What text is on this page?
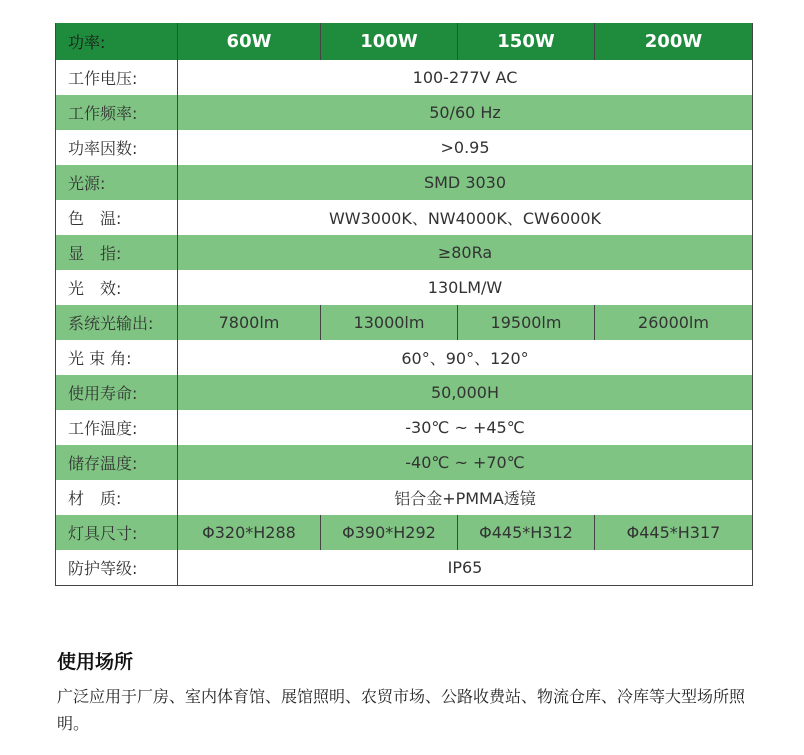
功率:	60W	100W	150W	200W
工作电压:	100-277V AC			
工作频率:	50/60 Hz			
功率因数:	>0.95			
光源:	SMD 3030			
色　温:	WW3000K、NW4000K、CW6000K			
显　指:	≥80Ra			
光　效:	130LM/W			
系统光输出:	7800lm	13000lm	19500lm	26000lm
光 束 角:	60°、90°、120°			
使用寿命:	50,000H			
工作温度:	-30℃ ~ +45℃			
储存温度:	-40℃ ~ +70℃			
材　质:	铝合金+PMMA透镜			
灯具尺寸:	Φ320*H288	Φ390*H292	Φ445*H312	Φ445*H317
防护等级:	IP65			
使用场所

广泛应用于厂房、室内体育馆、展馆照明、农贸市场、公路收费站、物流仓库、冷库等大型场所照明。
